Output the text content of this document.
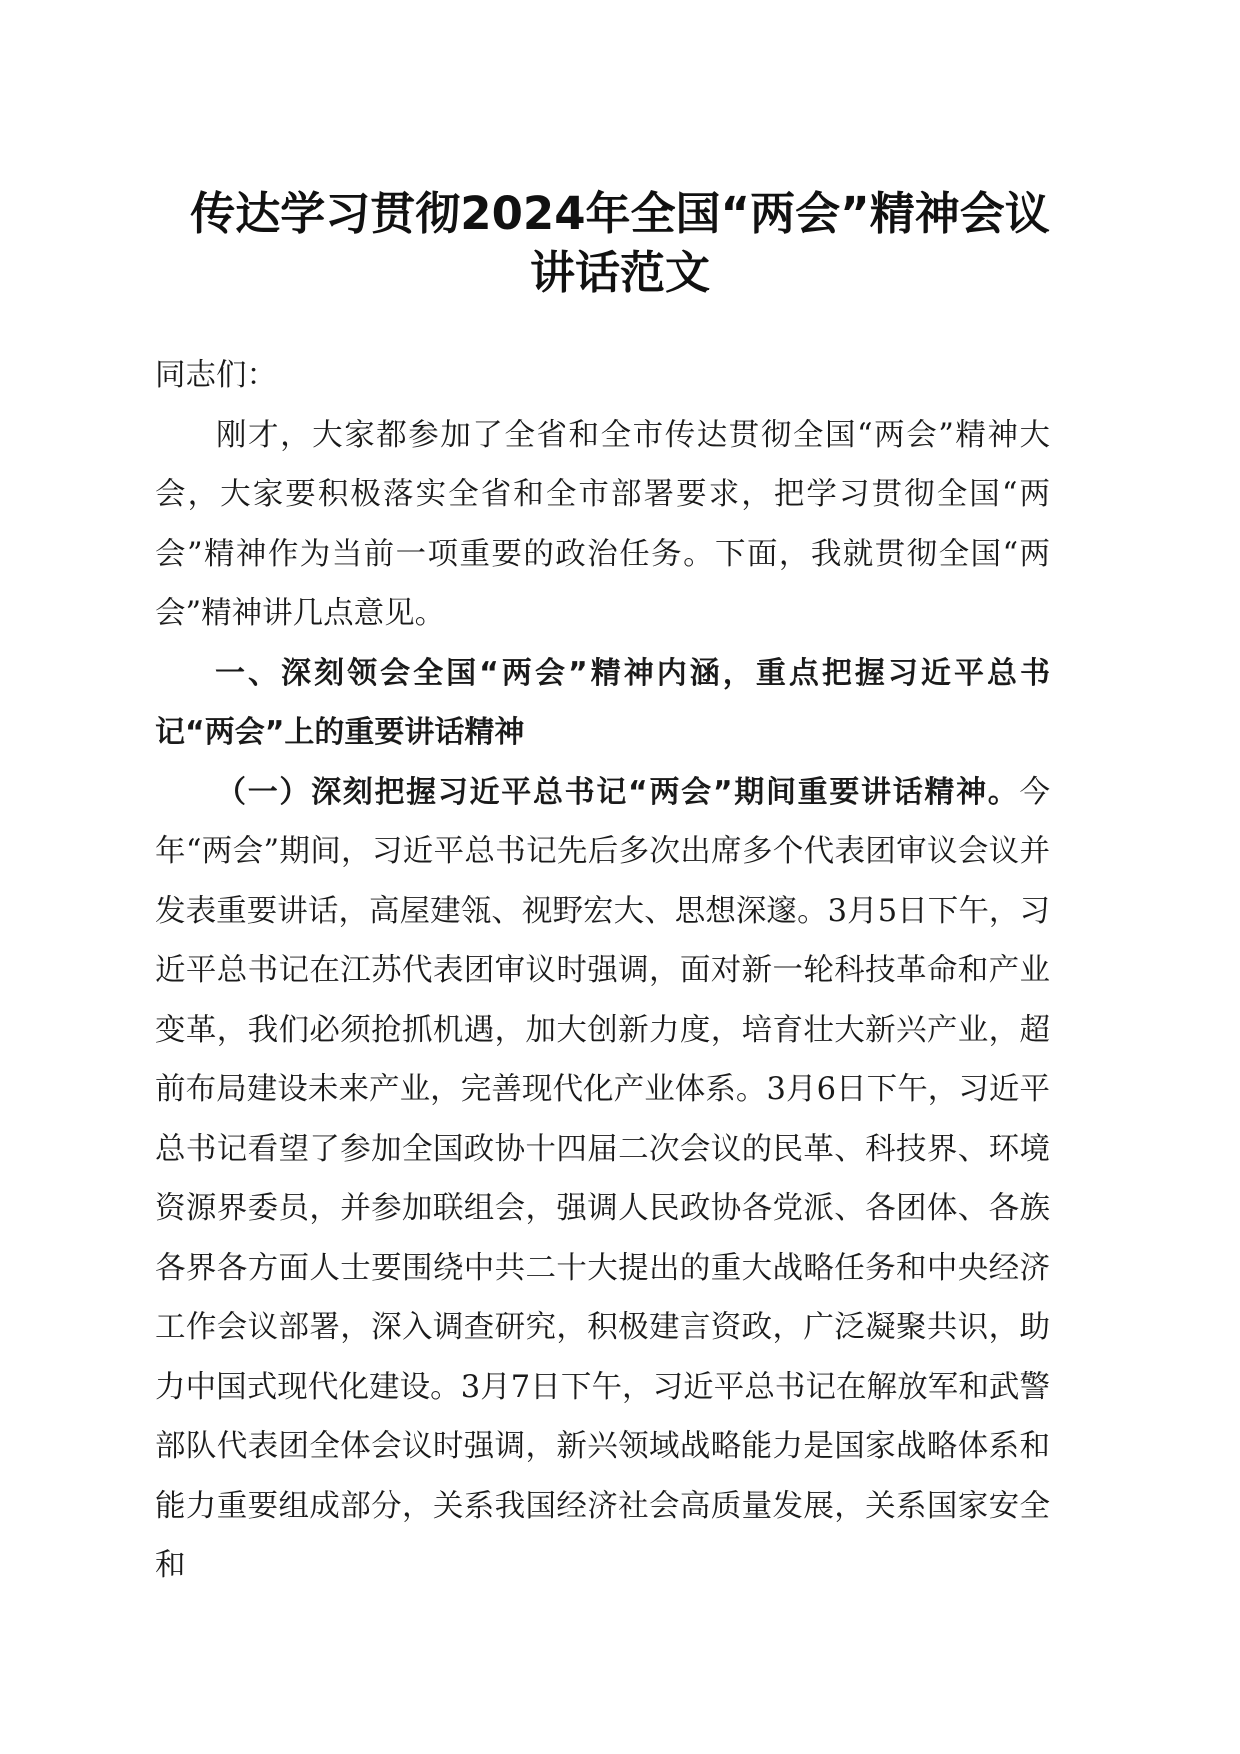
传达学习贯彻2024年全国“两会”精神会议
讲话范文

同志们：

刚才，大家都参加了全省和全市传达贯彻全国“两会”精神大会，大家要积极落实全省和全市部署要求，把学习贯彻全国“两会”精神作为当前一项重要的政治任务。下面，我就贯彻全国“两会”精神讲几点意见。

一、深刻领会全国“两会”精神内涵，重点把握习近平总书记“两会”上的重要讲话精神

（一）深刻把握习近平总书记“两会”期间重要讲话精神。今年“两会”期间，习近平总书记先后多次出席多个代表团审议会议并发表重要讲话，高屋建瓴、视野宏大、思想深邃。3月5日下午，习近平总书记在江苏代表团审议时强调，面对新一轮科技革命和产业变革，我们必须抢抓机遇，加大创新力度，培育壮大新兴产业，超前布局建设未来产业，完善现代化产业体系。3月6日下午，习近平总书记看望了参加全国政协十四届二次会议的民革、科技界、环境资源界委员，并参加联组会，强调人民政协各党派、各团体、各族各界各方面人士要围绕中共二十大提出的重大战略任务和中央经济工作会议部署，深入调查研究，积极建言资政，广泛凝聚共识，助力中国式现代化建设。3月7日下午，习近平总书记在解放军和武警部队代表团全体会议时强调，新兴领域战略能力是国家战略体系和能力重要组成部分，关系我国经济社会高质量发展，关系国家安全和
